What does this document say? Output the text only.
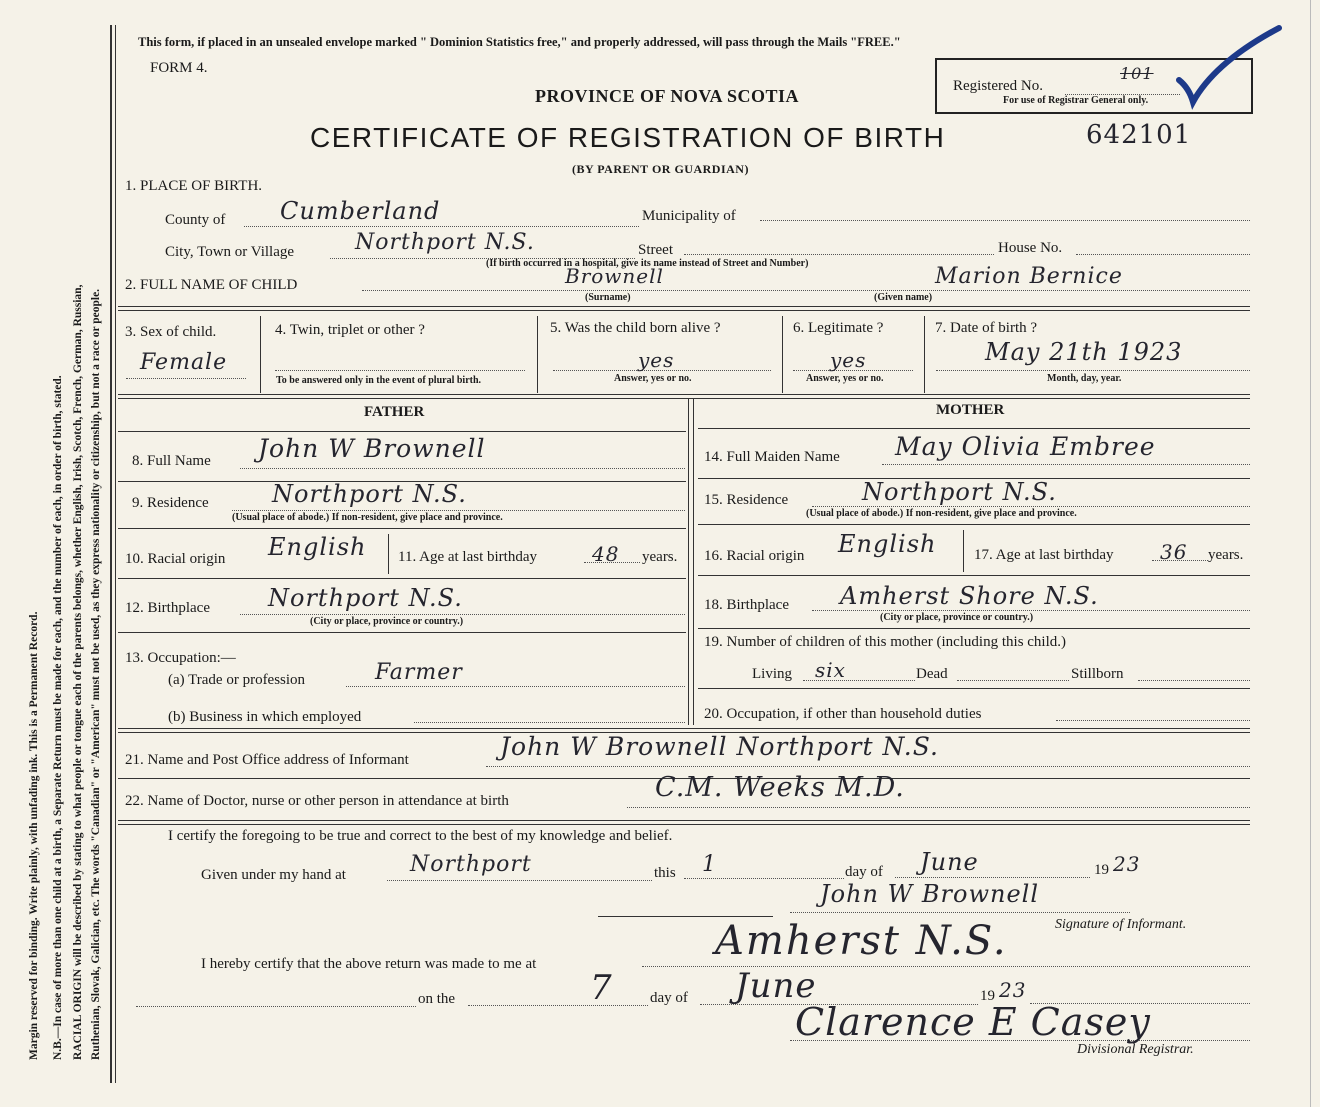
Margin reserved for binding. Write plainly, with unfading ink. This is a Permanent Record. N.B.—In case of more than one child at a birth, a Separate Return must be made for each, and the number of each, in order of birth, stated. RACIAL ORIGIN will be described by stating to what people or tongue each of the parents belongs, whether English, Irish, Scotch, French, German, Russian, Ruthenian, Slovak, Galician, etc. The words "Canadian" or "American" must not be used, as they express nationality or citizenship, but not a race or people.
This form, if placed in an unsealed envelope marked " Dominion Statistics free," and properly addressed, will pass through the Mails "FREE."
FORM 4.
PROVINCE OF NOVA SCOTIA
CERTIFICATE OF REGISTRATION OF BIRTH
(BY PARENT OR GUARDIAN)
642101
Registered No.
101
For use of Registrar General only.
1. PLACE OF BIRTH.
County of Cumberland	Municipality of
City, Town or Village	Northport N.S.	Street
(If birth occurred in a hospital, give its name instead of Street and Number)
House No.
2. FULL NAME OF CHILD	Brownell
(Surname)
Marion Bernice
(Given name)
3. Sex of child.
Female
4. Twin, triplet or other ?
To be answered only in the event of plural birth.
5. Was the child born alive ?
yes
Answer, yes or no.
6. Legitimate ?
yes
Answer, yes or no.
7. Date of birth ?
May 21th 1923
Month, day, year.
FATHER	MOTHER
8. Full Name John W Brownell
9. Residence	Northport N.S.
(Usual place of abode.) If non-resident, give place and province.
10. Racial origin English 11. Age at last birthday	48 years.
12. Birthplace Northport N.S.
(City or place, province or country.)
13. Occupation:—
(a) Trade or profession	Farmer
(b) Business in which employed
14. Full Maiden Name May Olivia Embree
15. Residence	Northport N.S.
(Usual place of abode.) If non-resident, give place and province.
16. Racial origin English	17. Age at last birthday 36 years.
18. Birthplace Amherst Shore N.S.
(City or place, province or country.)
19. Number of children of this mother (including this child.)
Living six	Dead	Stillborn
20. Occupation, if other than household duties
21. Name and Post Office address of Informant	John W Brownell Northport N.S.
22. Name of Doctor, nurse or other person in attendance at birth	C.M. Weeks M.D.
I certify the foregoing to be true and correct to the best of my knowledge and belief.
Given under my hand at	Northport	this 1	day of June	19 23
John W Brownell
Signature of Informant.
I hereby certify that the above return was made to me at	Amherst N.S.
on the	7 day of June	19 23
Clarence E Casey
Divisional Registrar.
